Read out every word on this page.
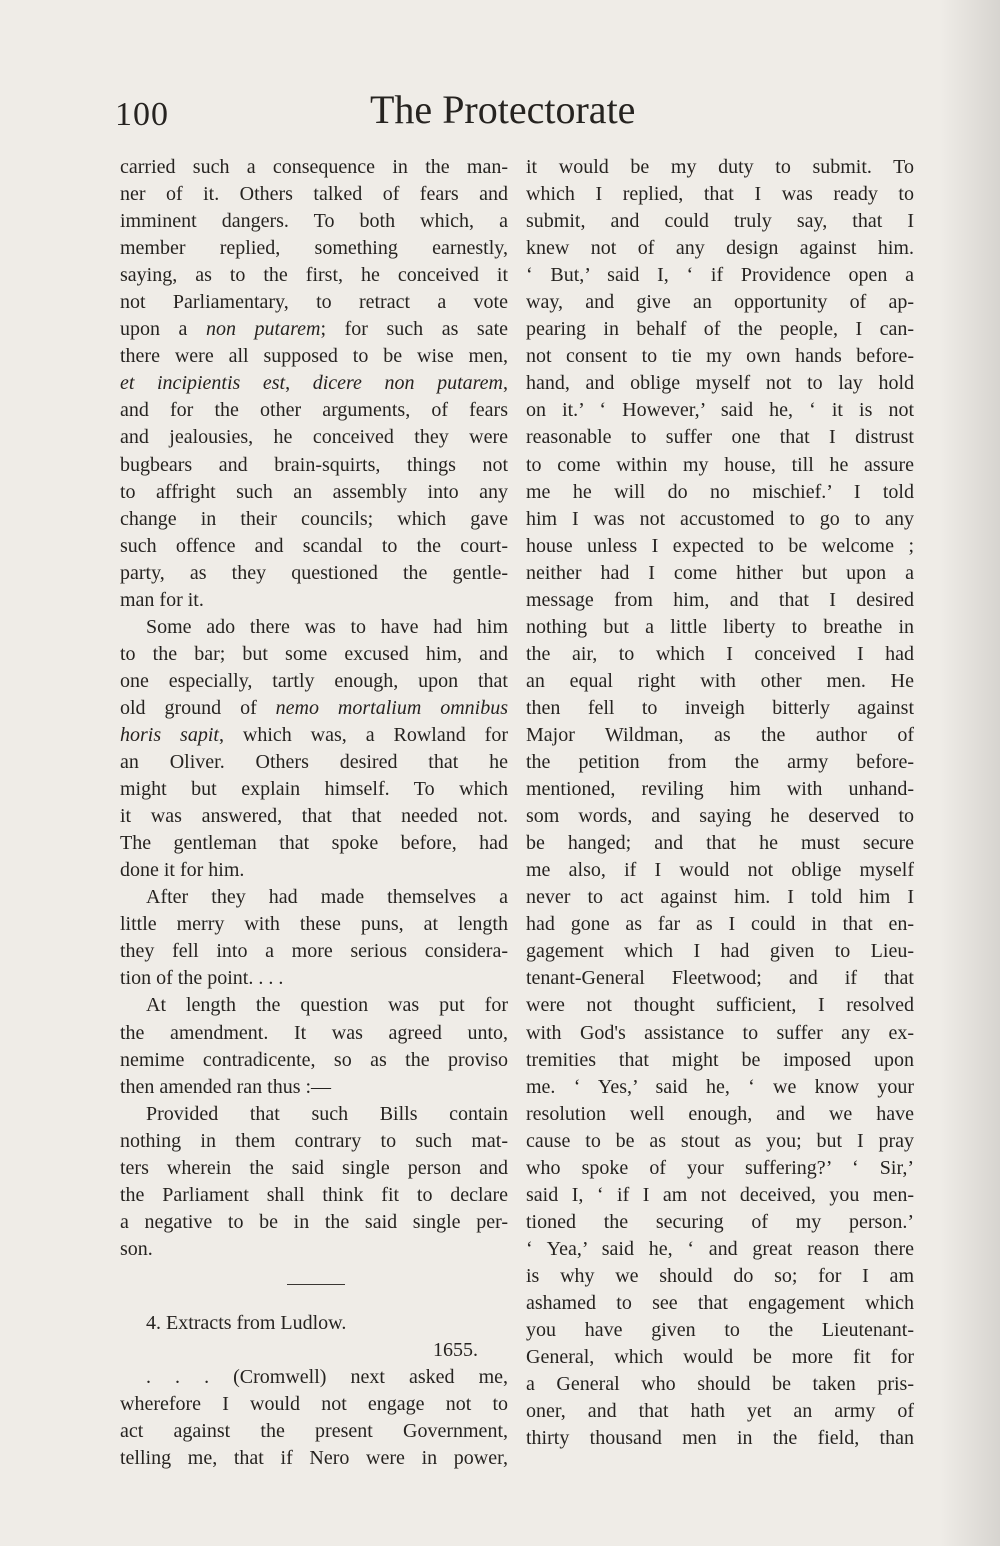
100	The Protectorate
carried such a consequence in the man-
ner of it. Others talked of fears and
imminent dangers. To both which, a
member replied, something earnestly,
saying, as to the first, he conceived it
not Parliamentary, to retract a vote
upon a non putarem; for such as sate
there were all supposed to be wise men,
et incipientis est, dicere non putarem,
and for the other arguments, of fears
and jealousies, he conceived they were
bugbears and brain-squirts, things not
to affright such an assembly into any
change in their councils; which gave
such offence and scandal to the court-
party, as they questioned the gentle-
man for it.
Some ado there was to have had him
to the bar; but some excused him, and
one especially, tartly enough, upon that
old ground of nemo mortalium omnibus
horis sapit, which was, a Rowland for
an Oliver. Others desired that he
might but explain himself. To which
it was answered, that that needed not.
The gentleman that spoke before, had
done it for him.
After they had made themselves a
little merry with these puns, at length
they fell into a more serious considera-
tion of the point. . . .
At length the question was put for
the amendment. It was agreed unto,
nemime contradicente, so as the proviso
then amended ran thus :—
Provided that such Bills contain
nothing in them contrary to such mat-
ters wherein the said single person and
the Parliament shall think fit to declare
a negative to be in the said single per-
son.
4. Extracts from Ludlow.
1655.
. . . (Cromwell) next asked me,
wherefore I would not engage not to
act against the present Government,
telling me, that if Nero were in power,
it would be my duty to submit. To
which I replied, that I was ready to
submit, and could truly say, that I
knew not of any design against him.
‘ But,’ said I, ‘ if Providence open a
way, and give an opportunity of ap-
pearing in behalf of the people, I can-
not consent to tie my own hands before-
hand, and oblige myself not to lay hold
on it.’ ‘ However,’ said he, ‘ it is not
reasonable to suffer one that I distrust
to come within my house, till he assure
me he will do no mischief.’ I told
him I was not accustomed to go to any
house unless I expected to be welcome ;
neither had I come hither but upon a
message from him, and that I desired
nothing but a little liberty to breathe in
the air, to which I conceived I had
an equal right with other men. He
then fell to inveigh bitterly against
Major Wildman, as the author of
the petition from the army before-
mentioned, reviling him with unhand-
som words, and saying he deserved to
be hanged; and that he must secure
me also, if I would not oblige myself
never to act against him. I told him I
had gone as far as I could in that en-
gagement which I had given to Lieu-
tenant-General Fleetwood; and if that
were not thought sufficient, I resolved
with God's assistance to suffer any ex-
tremities that might be imposed upon
me. ‘ Yes,’ said he, ‘ we know your
resolution well enough, and we have
cause to be as stout as you; but I pray
who spoke of your suffering?’ ‘ Sir,’
said I, ‘ if I am not deceived, you men-
tioned the securing of my person.’
‘ Yea,’ said he, ‘ and great reason there
is why we should do so; for I am
ashamed to see that engagement which
you have given to the Lieutenant-
General, which would be more fit for
a General who should be taken pris-
oner, and that hath yet an army of
thirty thousand men in the field, than
